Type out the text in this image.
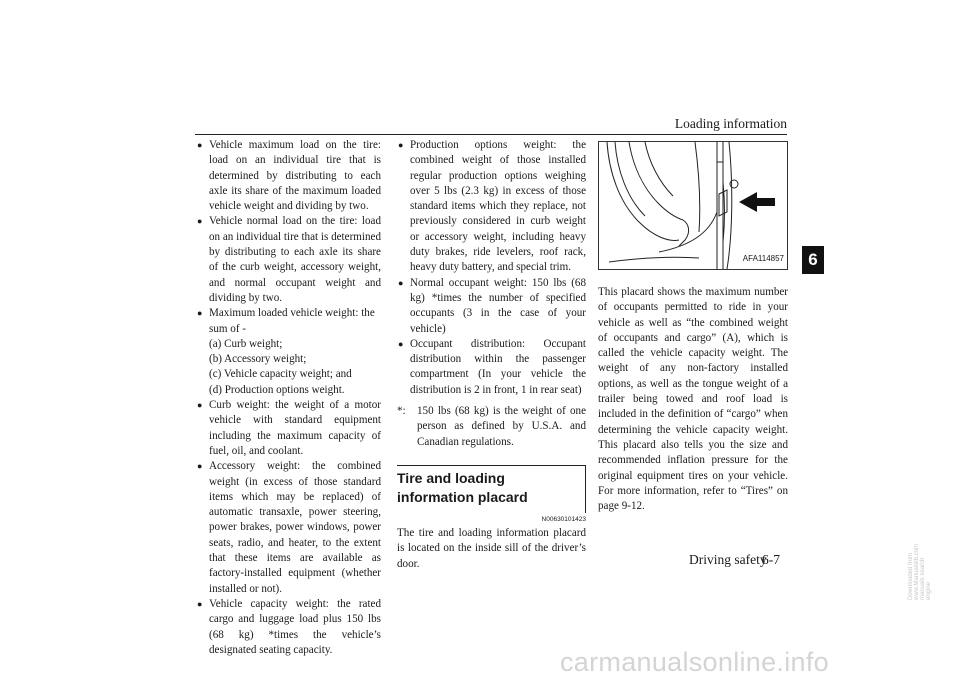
Loading information
6
● Vehicle maximum load on the tire: load on an individual tire that is determined by distributing to each axle its share of the maximum loaded vehicle weight and dividing by two.
● Vehicle normal load on the tire: load on an individual tire that is determined by distributing to each axle its share of the curb weight, accessory weight, and normal occupant weight and dividing by two.
● Maximum loaded vehicle weight: the sum of -
(a) Curb weight;
(b) Accessory weight;
(c) Vehicle capacity weight; and
(d) Production options weight.
● Curb weight: the weight of a motor vehicle with standard equipment including the maximum capacity of fuel, oil, and coolant.
● Accessory weight: the combined weight (in excess of those standard items which may be replaced) of automatic transaxle, power steering, power brakes, power windows, power seats, radio, and heater, to the extent that these items are available as factory-installed equipment (whether installed or not).
● Vehicle capacity weight: the rated cargo and luggage load plus 150 lbs (68 kg) *times the vehicle’s designated seating capacity.
● Production options weight: the combined weight of those installed regular production options weighing over 5 lbs (2.3 kg) in excess of those standard items which they replace, not previously considered in curb weight or accessory weight, including heavy duty brakes, ride levelers, roof rack, heavy duty battery, and special trim.
● Normal occupant weight: 150 lbs (68 kg) *times the number of specified occupants (3 in the case of your vehicle)
● Occupant distribution: Occupant distribution within the passenger compartment (In your vehicle the distribution is 2 in front, 1 in rear seat)
*: 150 lbs (68 kg) is the weight of one person as defined by U.S.A. and Canadian regulations.
Tire and loading information placard
N00630101423
The tire and loading information placard is located on the inside sill of the driver’s door.
AFA114857
This placard shows the maximum number of occupants permitted to ride in your vehicle as well as “the combined weight of occupants and cargo” (A), which is called the vehicle capacity weight. The weight of any non-factory installed options, as well as the tongue weight of a trailer being towed and roof load is included in the definition of “cargo” when determining the vehicle capacity weight. This placard also tells you the size and recommended inflation pressure for the original equipment tires on your vehicle. For more information, refer to “Tires” on page 9-12.
Driving safety
6-7
carmanualsonline.info
Downloaded from www.Manualslib.com manuals search engine
